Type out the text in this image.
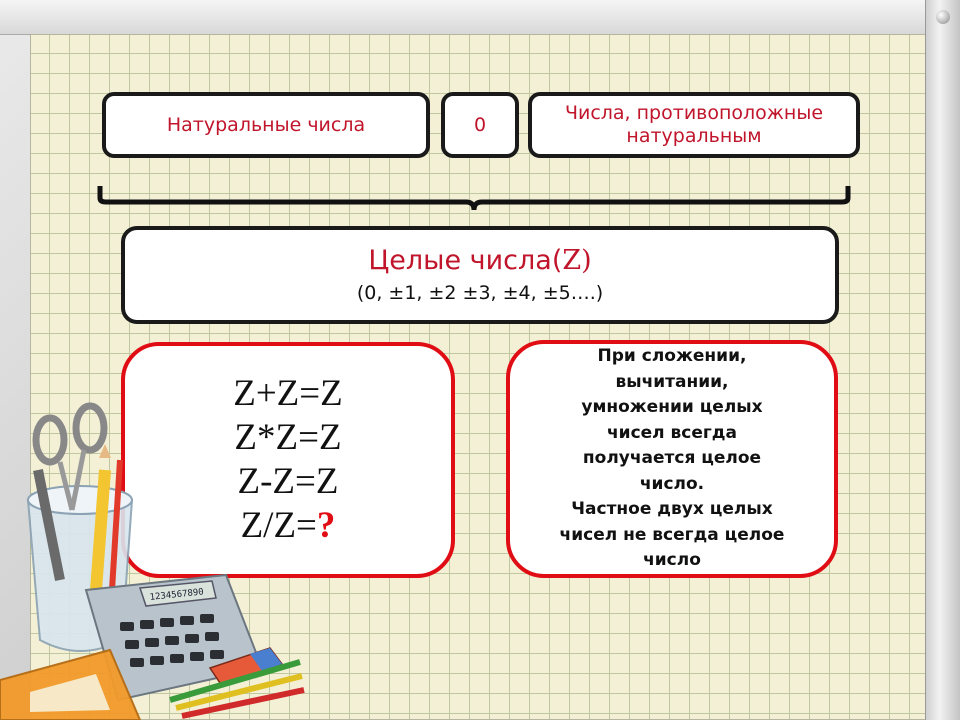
Натуральные числа	0
Числа, противоположные
натуральным
Целые числа(Z)
(0, ±1, ±2 ±3, ±4, ±5….)
Z+Z=Z
Z*Z=Z
Z-Z=Z
Z/Z=?
При сложении,
вычитании,
умножении целых
чисел всегда
получается целое
число.
Частное двух целых
чисел не всегда целое
число
1234567890
